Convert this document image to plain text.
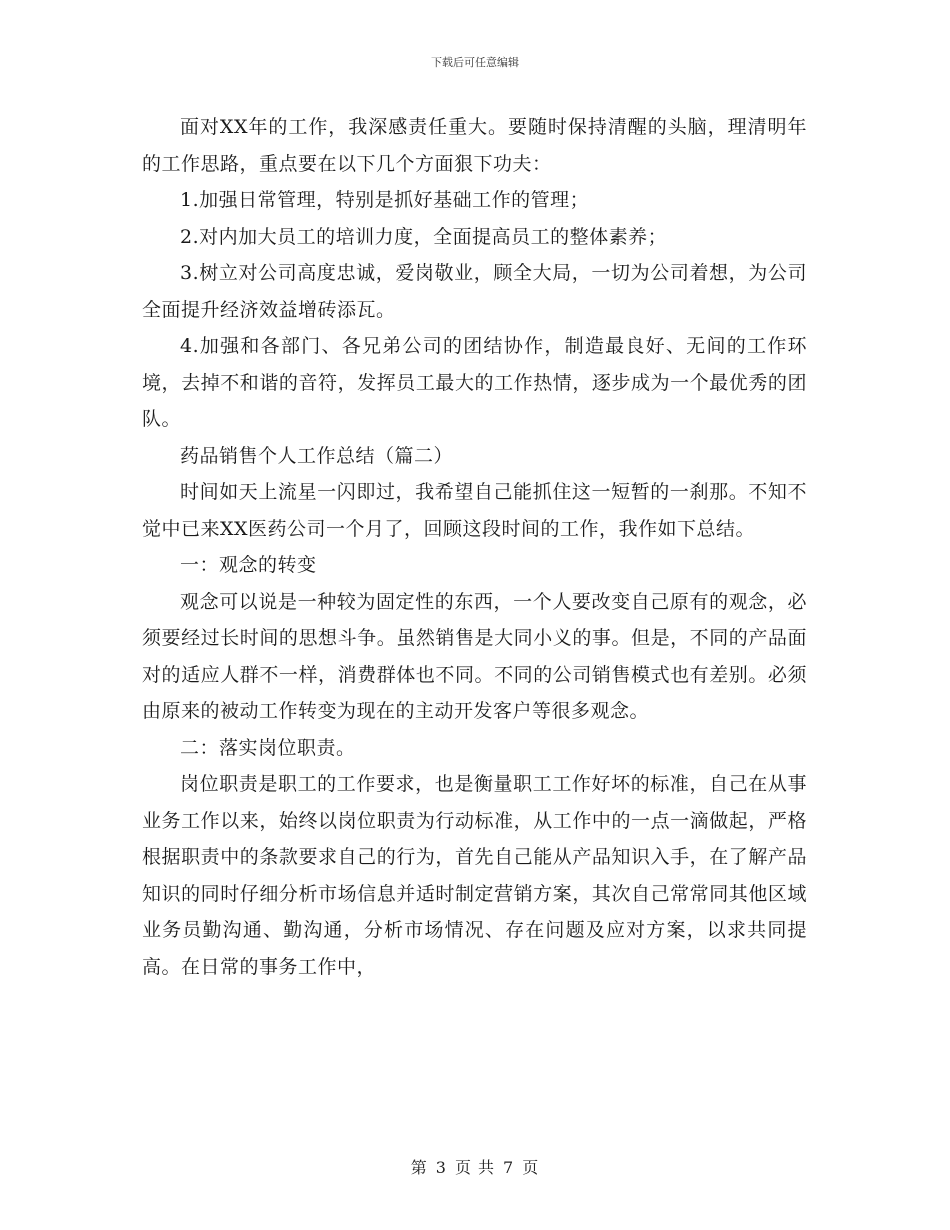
下载后可任意编辑

面对XX年的工作，我深感责任重大。要随时保持清醒的头脑，理清明年的工作思路，重点要在以下几个方面狠下功夫：

1.加强日常管理，特别是抓好基础工作的管理；

2.对内加大员工的培训力度，全面提高员工的整体素养；

3.树立对公司高度忠诚，爱岗敬业，顾全大局，一切为公司着想，为公司全面提升经济效益增砖添瓦。

4.加强和各部门、各兄弟公司的团结协作，制造最良好、无间的工作环境，去掉不和谐的音符，发挥员工最大的工作热情，逐步成为一个最优秀的团队。

药品销售个人工作总结（篇二）

时间如天上流星一闪即过，我希望自己能抓住这一短暂的一刹那。不知不觉中已来XX医药公司一个月了，回顾这段时间的工作，我作如下总结。

一：观念的转变

观念可以说是一种较为固定性的东西，一个人要改变自己原有的观念，必须要经过长时间的思想斗争。虽然销售是大同小义的事。但是，不同的产品面对的适应人群不一样，消费群体也不同。不同的公司销售模式也有差别。必须由原来的被动工作转变为现在的主动开发客户等很多观念。

二：落实岗位职责。

岗位职责是职工的工作要求，也是衡量职工工作好坏的标准，自己在从事业务工作以来，始终以岗位职责为行动标准，从工作中的一点一滴做起，严格根据职责中的条款要求自己的行为，首先自己能从产品知识入手，在了解产品知识的同时仔细分析市场信息并适时制定营销方案，其次自己常常同其他区域业务员勤沟通、勤沟通，分析市场情况、存在问题及应对方案，以求共同提高。在日常的事务工作中，

第 3 页 共 7 页
